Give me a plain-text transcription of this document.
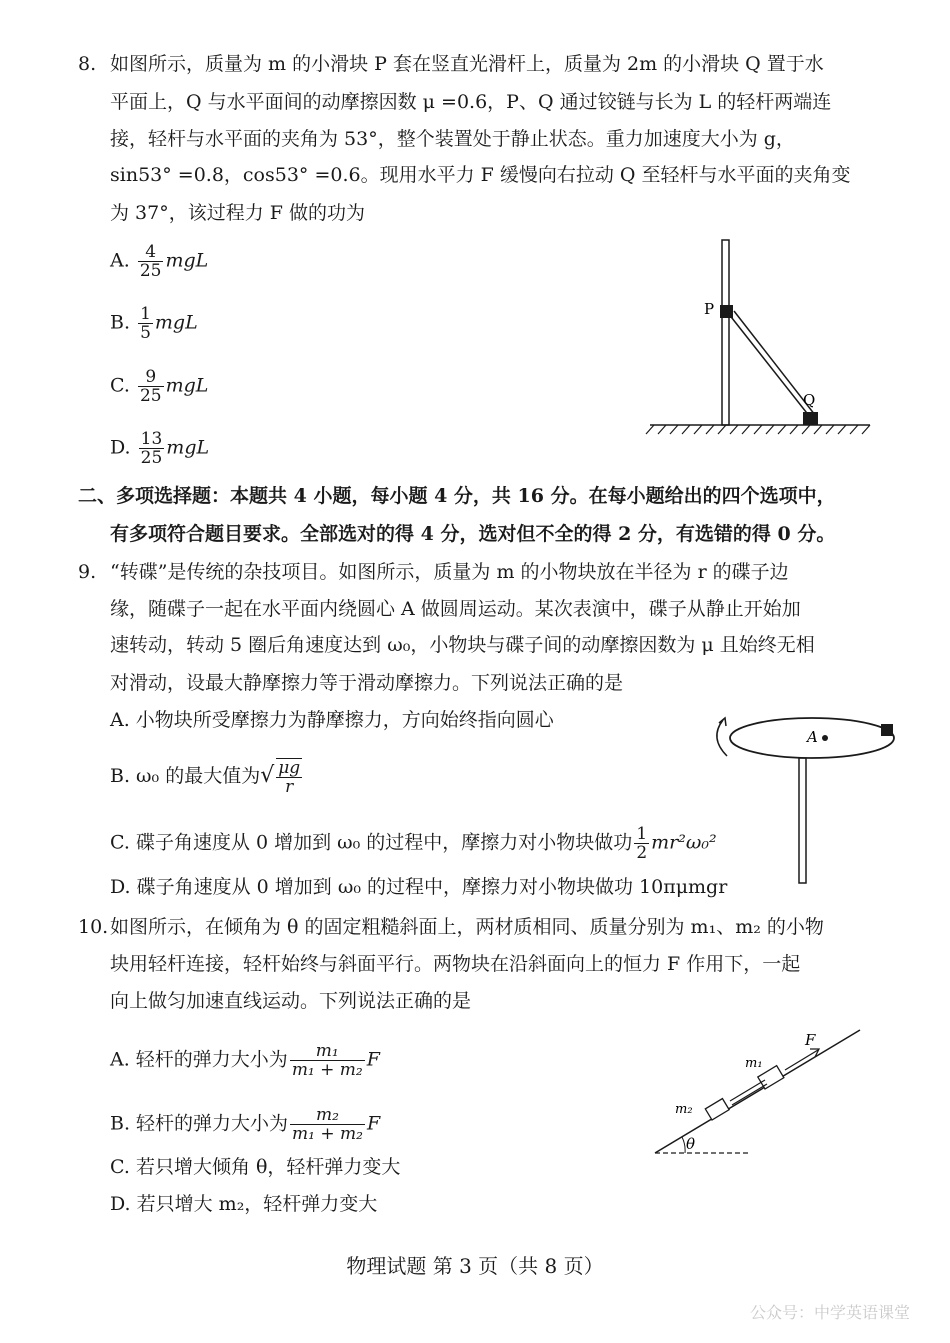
8. 如图所示，质量为 m 的小滑块 P 套在竖直光滑杆上，质量为 2m 的小滑块 Q 置于水
平面上，Q 与水平面间的动摩擦因数 μ =0.6，P、Q 通过铰链与长为 L 的轻杆两端连
接，轻杆与水平面的夹角为 53°，整个装置处于静止状态。重力加速度大小为 g，
sin53° =0.8，cos53° =0.6。现用水平力 F 缓慢向右拉动 Q 至轻杆与水平面的夹角变
为 37°，该过程力 F 做的功为
A. $\frac{4}{25}$ mgL
B. $\frac{1}{5}$ mgL
C. $\frac{9}{25}$ mgL
D. $\frac{13}{25}$ mgL
P
Q
二、多项选择题：本题共 4 小题，每小题 4 分，共 16 分。在每小题给出的四个选项中，
有多项符合题目要求。全部选对的得 4 分，选对但不全的得 2 分，有选错的得 0 分。
9. “转碟”是传统的杂技项目。如图所示，质量为 m 的小物块放在半径为 r 的碟子边
缘，随碟子一起在水平面内绕圆心 A 做圆周运动。某次表演中，碟子从静止开始加
速转动，转动 5 圈后角速度达到 ω₀，小物块与碟子间的动摩擦因数为 μ 且始终无相
对滑动，设最大静摩擦力等于滑动摩擦力。下列说法正确的是
A. 小物块所受摩擦力为静摩擦力，方向始终指向圆心
B. ω₀ 的最大值为√ $\frac{\mu g}{r}$
C. 碟子角速度从 0 增加到 ω₀ 的过程中，摩擦力对小物块做功 $\frac{1}{2} mr^2\omega_0^2$
D. 碟子角速度从 0 增加到 ω₀ 的过程中，摩擦力对小物块做功 10πμmgr
A
10. 如图所示，在倾角为 θ 的固定粗糙斜面上，两材质相同、质量分别为 m₁、m₂ 的小物
块用轻杆连接，轻杆始终与斜面平行。两物块在沿斜面向上的恒力 F 作用下，一起
向上做匀加速直线运动。下列说法正确的是
A. 轻杆的弹力大小为 $\frac{\text{m₁}}{\text{m₁ + m₂}}$ F
B. 轻杆的弹力大小为 $\frac{\text{m₂}}{\text{m₁ + m₂}}$ F
C. 若只增大倾角 θ，轻杆弹力变大
D. 若只增大 m₂，轻杆弹力变大
θ
F
m₁
m₂
物理试题 第 3 页（共 8 页）
公众号：中学英语课堂
